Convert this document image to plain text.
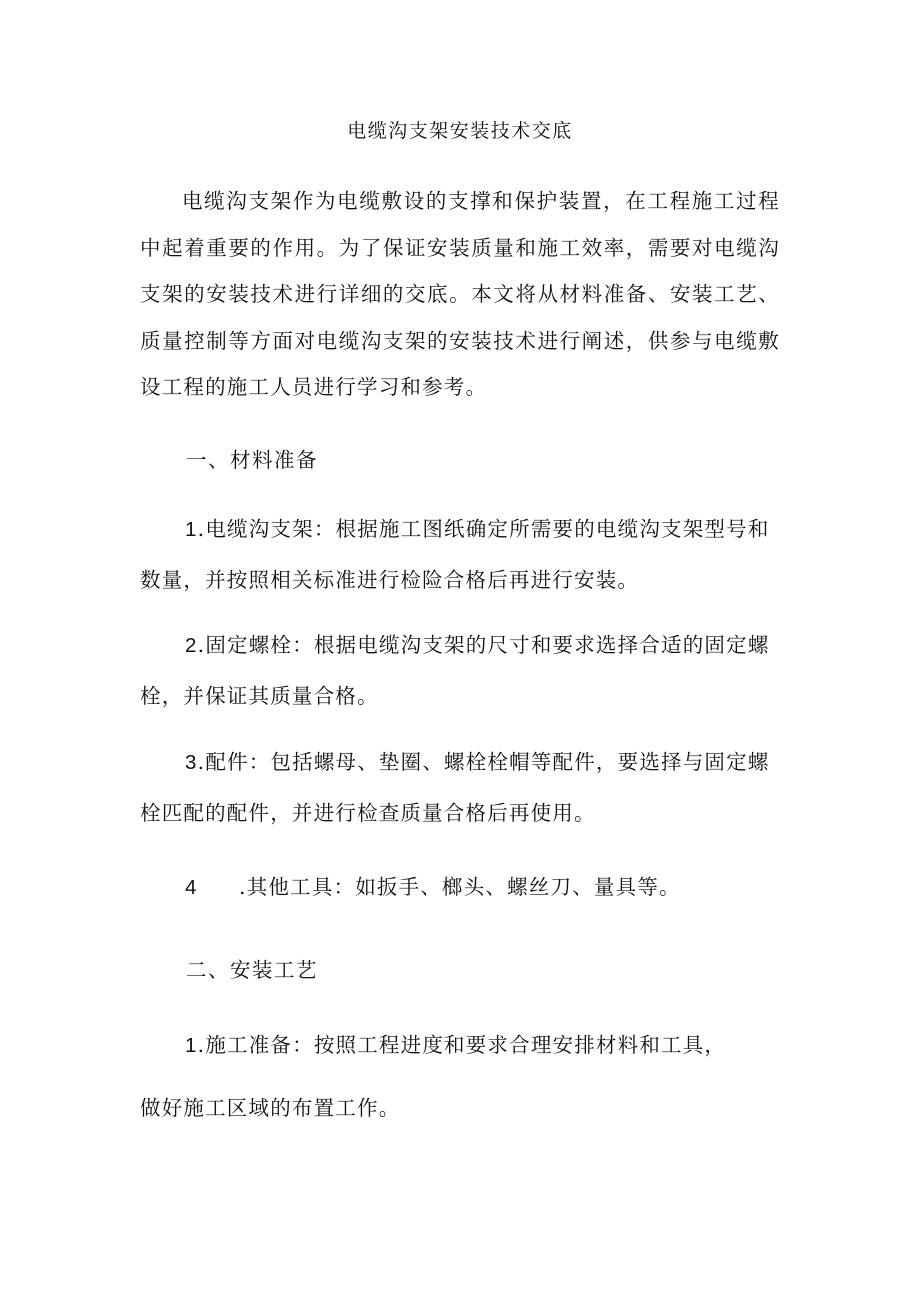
电缆沟支架安装技术交底
电缆沟支架作为电缆敷设的支撑和保护装置，在工程施工过程中起着重要的作用。为了保证安装质量和施工效率，需要对电缆沟支架的安装技术进行详细的交底。本文将从材料准备、安装工艺、质量控制等方面对电缆沟支架的安装技术进行阐述，供参与电缆敷设工程的施工人员进行学习和参考。
一、材料准备
1.电缆沟支架：根据施工图纸确定所需要的电缆沟支架型号和
数量，并按照相关标准进行检险合格后再进行安装。
2.固定螺栓：根据电缆沟支架的尺寸和要求选择合适的固定螺
栓，并保证其质量合格。
3.配件：包括螺母、垫圈、螺栓栓帽等配件，要选择与固定螺
栓匹配的配件，并进行检查质量合格后再使用。
4 .其他工具：如扳手、榔头、螺丝刀、量具等。
二、安装工艺
1.施工准备：按照工程进度和要求合理安排材料和工具，
做好施工区域的布置工作。
